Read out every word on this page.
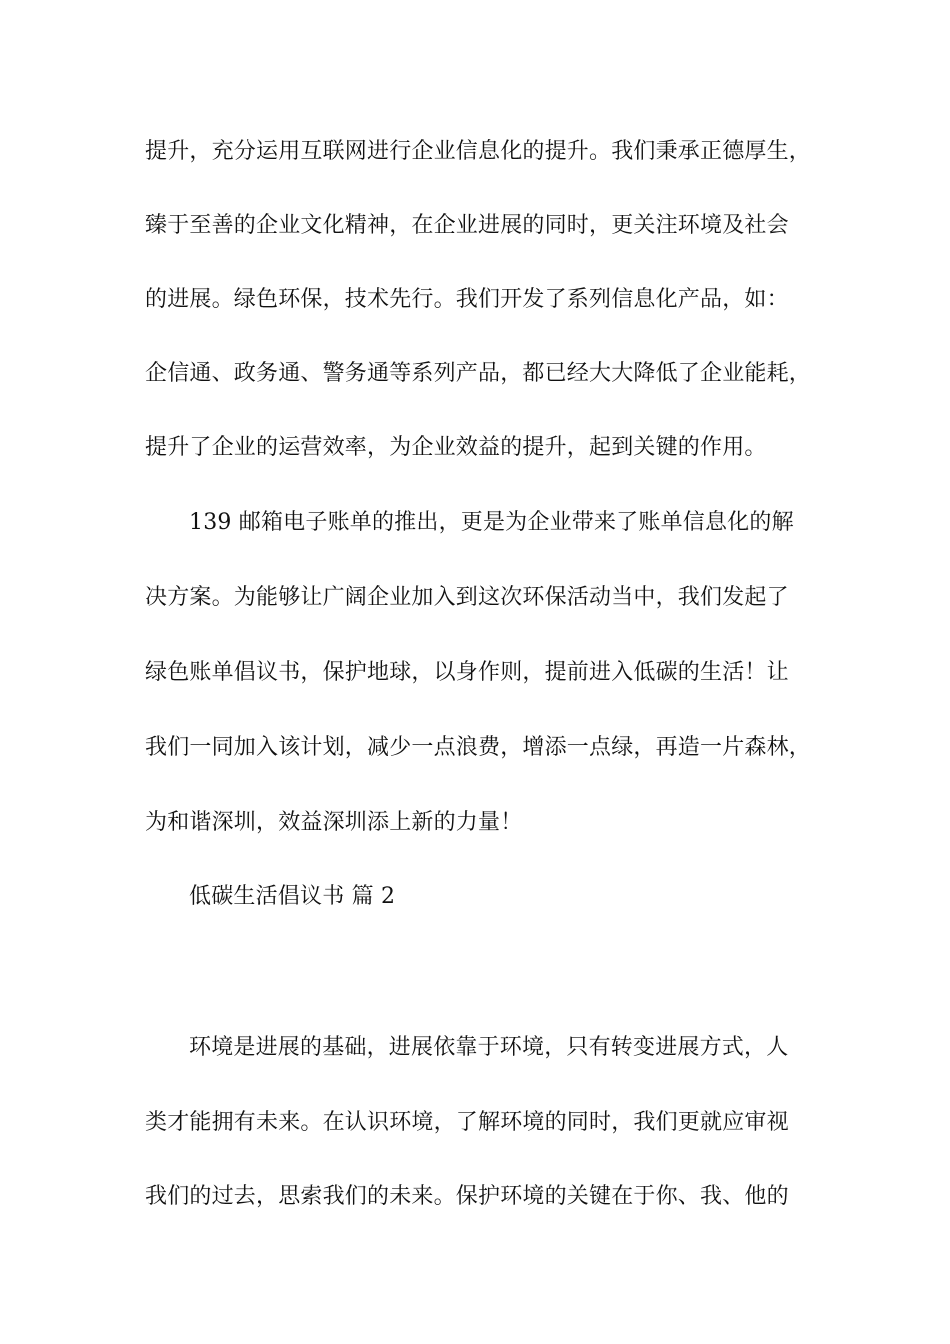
提升，充分运用互联网进行企业信息化的提升。我们秉承正德厚生，
臻于至善的企业文化精神，在企业进展的同时，更关注环境及社会
的进展。绿色环保，技术先行。我们开发了系列信息化产品，如：
企信通、政务通、警务通等系列产品，都已经大大降低了企业能耗，
提升了企业的运营效率，为企业效益的提升，起到关键的作用。
139 邮箱电子账单的推出，更是为企业带来了账单信息化的解
决方案。为能够让广阔企业加入到这次环保活动当中，我们发起了
绿色账单倡议书，保护地球，以身作则，提前进入低碳的生活！让
我们一同加入该计划，减少一点浪费，增添一点绿，再造一片森林，
为和谐深圳，效益深圳添上新的力量！
低碳生活倡议书 篇 2
环境是进展的基础，进展依靠于环境，只有转变进展方式，人
类才能拥有未来。在认识环境，了解环境的同时，我们更就应审视
我们的过去，思索我们的未来。保护环境的关键在于你、我、他的
